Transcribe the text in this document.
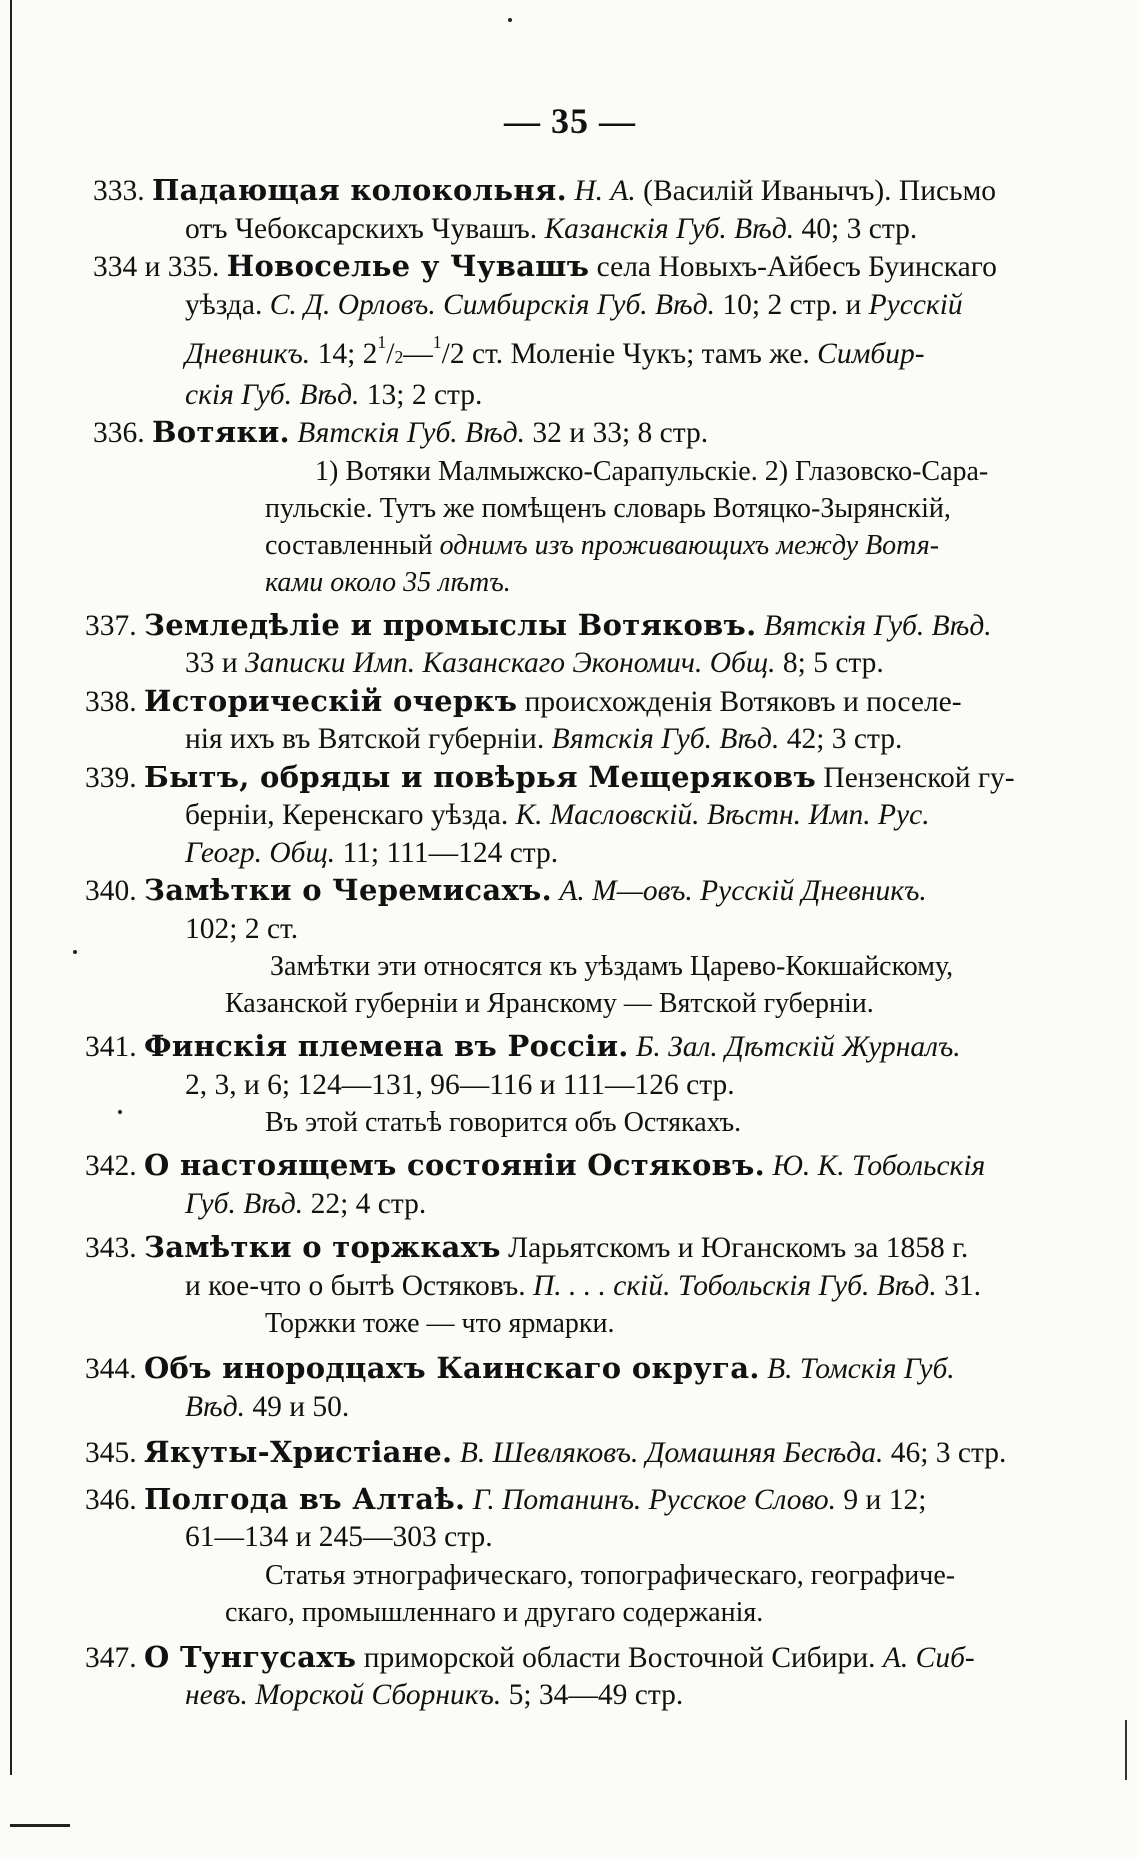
— 35 —
333. Падающая колокольня. Н. А. (Василій Иванычъ). Письмо
отъ Чебоксарскихъ Чувашъ. Казанскія Губ. Вѣд. 40; 3 стр.
334 и 335. Новоселье у Чувашъ села Новыхъ-Айбесъ Буинскаго
уѣзда. С. Д. Орловъ. Симбирскія Губ. Вѣд. 10; 2 стр. и Русскій
Дневникъ. 14; $2^1/2—^1/2$ ст. Моленіе Чукъ; тамъ же. Симбир-
скія Губ. Вѣд. 13; 2 стр.
336. Вотяки. Вятскія Губ. Вѣд. 32 и 33; 8 стр.
1) Вотяки Малмыжско-Сарапульскіе. 2) Глазовско-Сара-
пульскіе. Тутъ же помѣщенъ словарь Вотяцко-Зырянскій,
составленный однимъ изъ проживающихъ между Вотя-
ками около 35 лѣтъ.
337. Земледѣліе и промыслы Вотяковъ. Вятскія Губ. Вѣд.
33 и Записки Имп. Казанскаго Экономич. Общ. 8; 5 стр.
338. Историческій очеркъ происхожденія Вотяковъ и поселе-
нія ихъ въ Вятской губерніи. Вятскія Губ. Вѣд. 42; 3 стр.
339. Бытъ, обряды и повѣрья Мещеряковъ Пензенской гу-
берніи, Керенскаго уѣзда. К. Масловскій. Вѣстн. Имп. Рус.
Геогр. Общ. 11; 111—124 стр.
340. Замѣтки о Черемисахъ. А. М—овъ. Русскій Дневникъ.
102; 2 ст.
Замѣтки эти относятся къ уѣздамъ Царево-Кокшайскому,
Казанской губерніи и Яранскому — Вятской губерніи.
341. Финскія племена въ Россіи. Б. Зал. Дѣтскій Журналъ.
2, 3, и 6; 124—131, 96—116 и 111—126 стр.
Въ этой статьѣ говорится объ Остякахъ.
342. О настоящемъ состояніи Остяковъ. Ю. К. Тобольскія
Губ. Вѣд. 22; 4 стр.
343. Замѣтки о торжкахъ Ларьятскомъ и Юганскомъ за 1858 г.
и кое-что о бытѣ Остяковъ. П. . . . скій. Тобольскія Губ. Вѣд. 31.
Торжки тоже — что ярмарки.
344. Объ инородцахъ Каинскаго округа. В. Томскія Губ.
Вѣд. 49 и 50.
345. Якуты-Христіане. В. Шевляковъ. Домашняя Бесѣда. 46; 3 стр.
346. Полгода въ Алтаѣ. Г. Потанинъ. Русское Слово. 9 и 12;
61—134 и 245—303 стр.
Статья этнографическаго, топографическаго, географиче-
скаго, промышленнаго и другаго содержанія.
347. О Тунгусахъ приморской области Восточной Сибири. А. Сиб-
невъ. Морской Сборникъ. 5; 34—49 стр.
